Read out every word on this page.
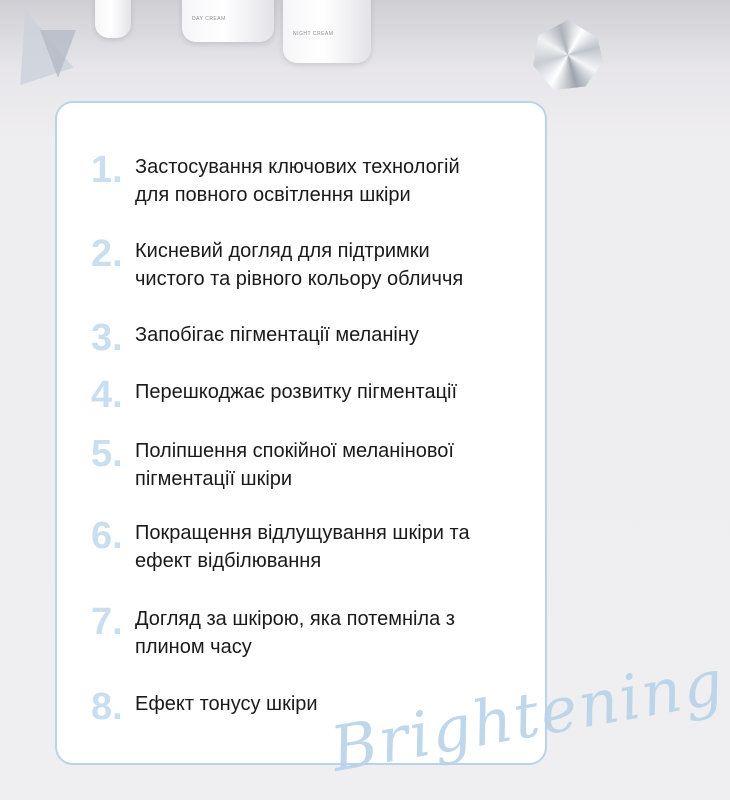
DAY CREAM
NIGHT CREAM
1. Застосування ключових технологій
для повного освітлення шкіри
2. Кисневий догляд для підтримки
чистого та рівного кольору обличчя
3. Запобігає пігментації меланіну
4. Перешкоджає розвитку пігментації
5. Поліпшення спокійної меланінової
пігментації шкіри
6. Покращення відлущування шкіри та
ефект відбілювання
7. Догляд за шкірою, яка потемніла з
плином часу
8. Ефект тонусу шкіри Brightening
